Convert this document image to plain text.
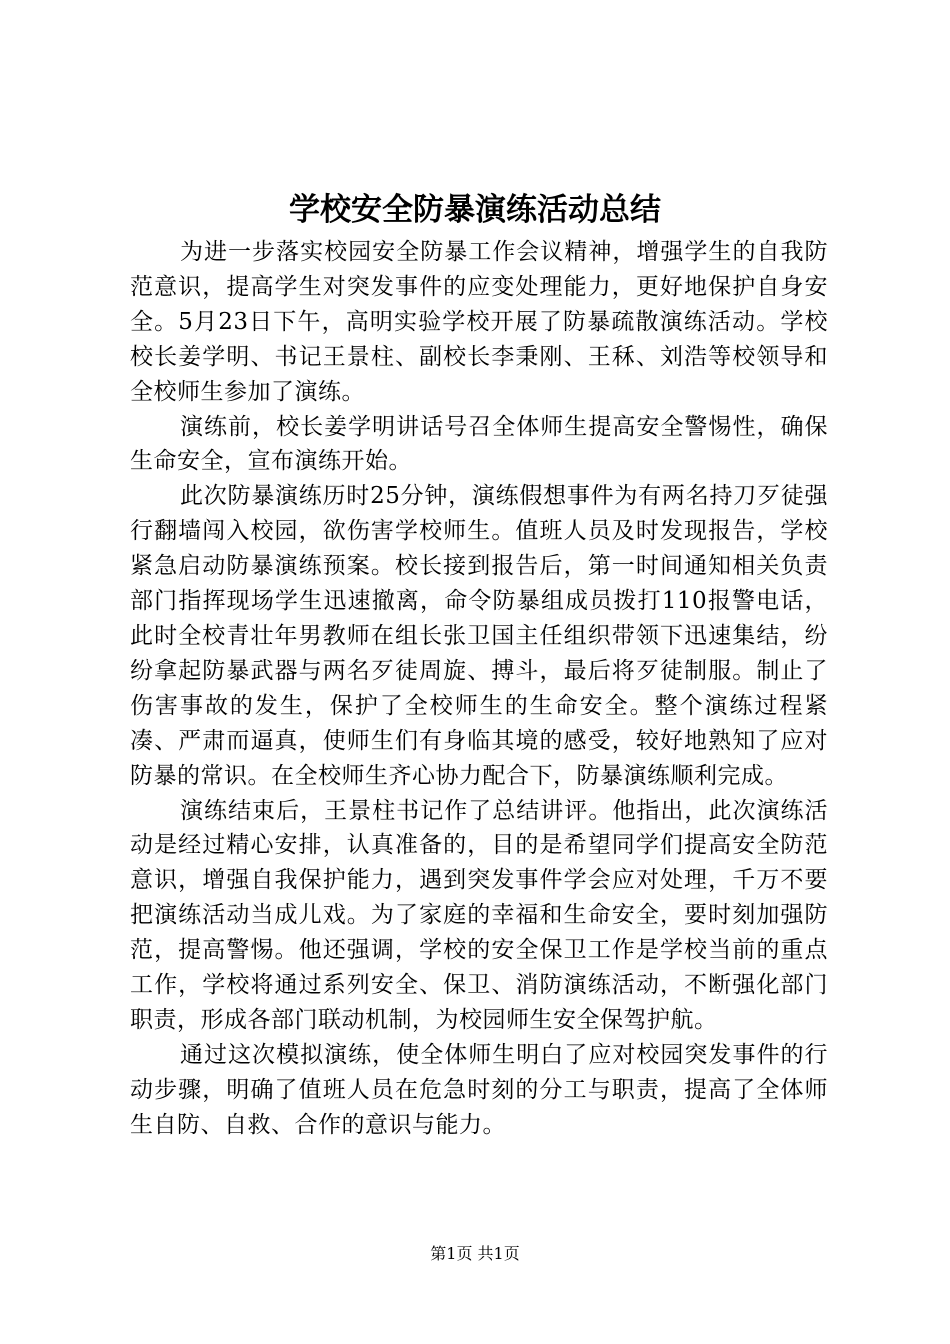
学校安全防暴演练活动总结

为进一步落实校园安全防暴工作会议精神，增强学生的自我防范意识，提高学生对突发事件的应变处理能力，更好地保护自身安全。5月23日下午，高明实验学校开展了防暴疏散演练活动。学校校长姜学明、书记王景柱、副校长李秉刚、王秝、刘浩等校领导和全校师生参加了演练。

演练前，校长姜学明讲话号召全体师生提高安全警惕性，确保生命安全，宣布演练开始。

此次防暴演练历时25分钟，演练假想事件为有两名持刀歹徒强行翻墙闯入校园，欲伤害学校师生。值班人员及时发现报告，学校紧急启动防暴演练预案。校长接到报告后，第一时间通知相关负责部门指挥现场学生迅速撤离，命令防暴组成员拨打110报警电话，此时全校青壮年男教师在组长张卫国主任组织带领下迅速集结，纷纷拿起防暴武器与两名歹徒周旋、搏斗，最后将歹徒制服。制止了伤害事故的发生，保护了全校师生的生命安全。整个演练过程紧凑、严肃而逼真，使师生们有身临其境的感受，较好地熟知了应对防暴的常识。在全校师生齐心协力配合下，防暴演练顺利完成。

演练结束后，王景柱书记作了总结讲评。他指出，此次演练活动是经过精心安排，认真准备的，目的是希望同学们提高安全防范意识，增强自我保护能力，遇到突发事件学会应对处理，千万不要把演练活动当成儿戏。为了家庭的幸福和生命安全，要时刻加强防范，提高警惕。他还强调，学校的安全保卫工作是学校当前的重点工作，学校将通过系列安全、保卫、消防演练活动，不断强化部门职责，形成各部门联动机制，为校园师生安全保驾护航。

通过这次模拟演练，使全体师生明白了应对校园突发事件的行动步骤，明确了值班人员在危急时刻的分工与职责，提高了全体师生自防、自救、合作的意识与能力。

第1页 共1页
